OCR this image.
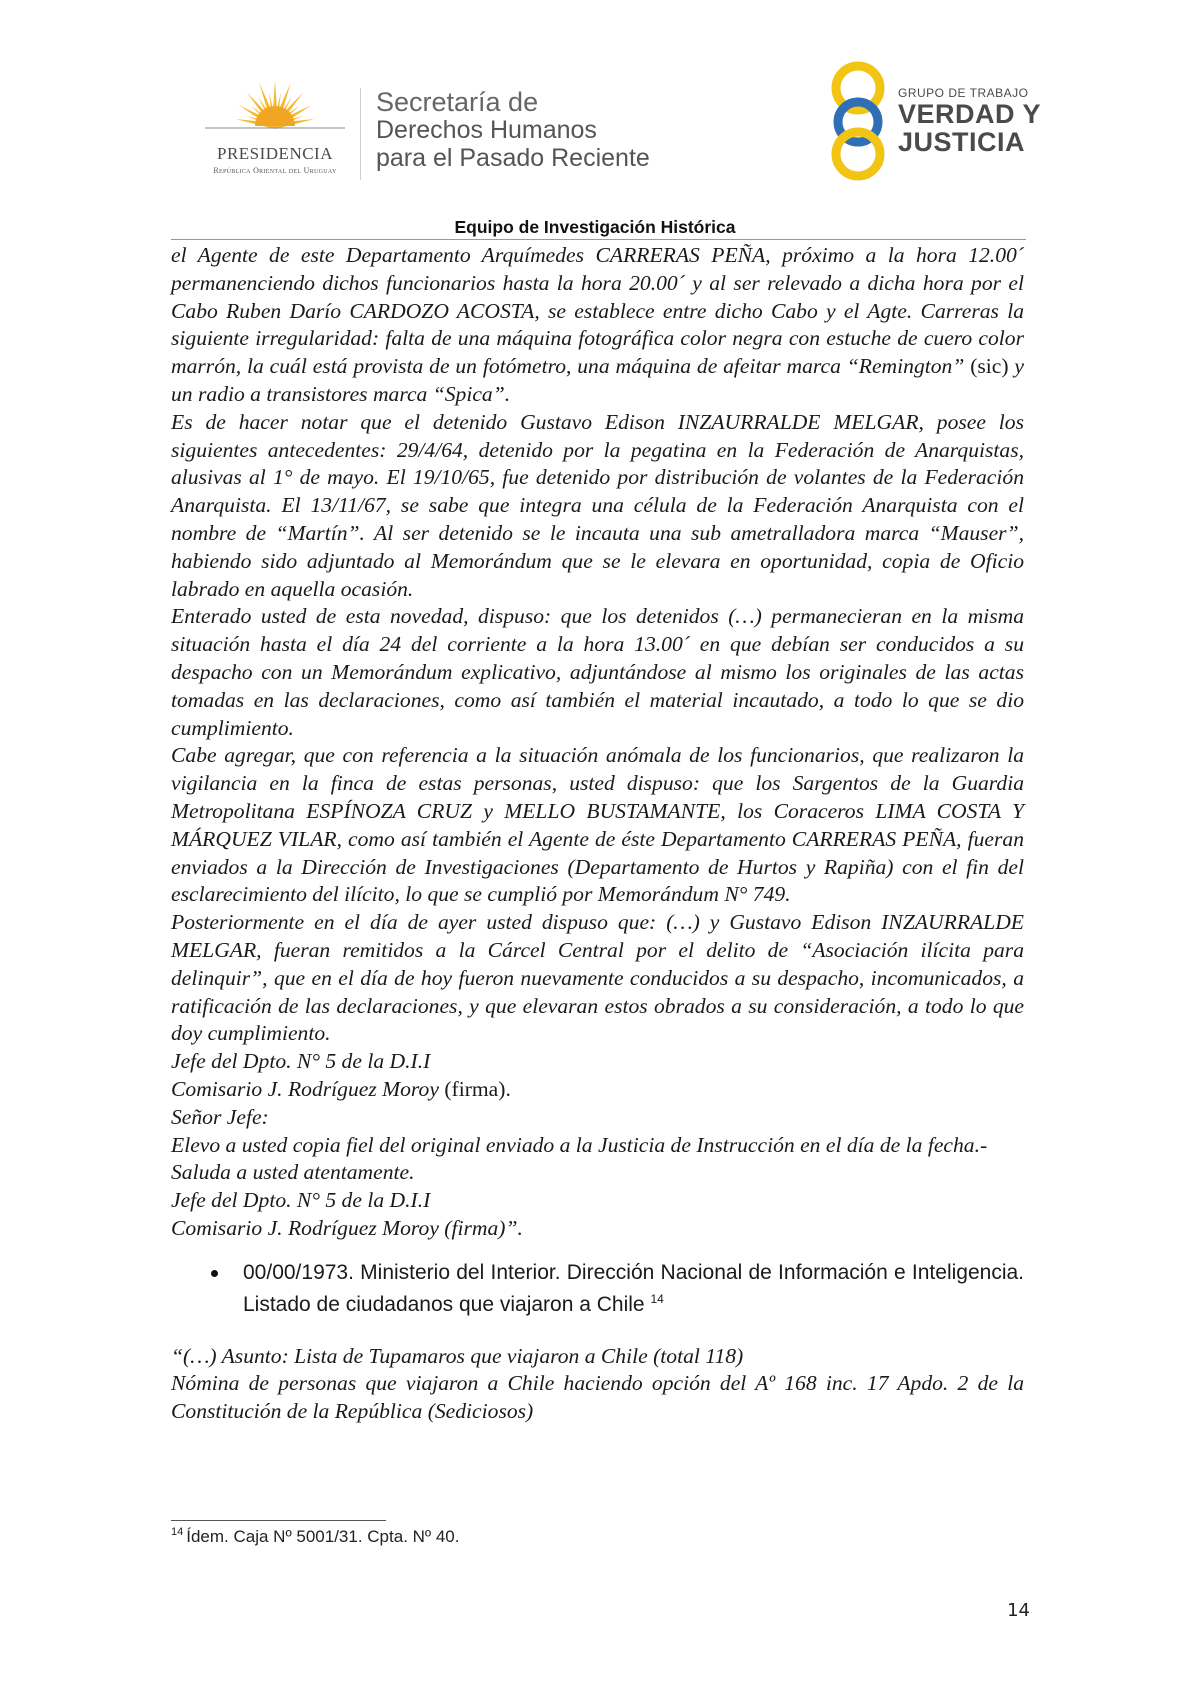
PRESIDENCIA
República Oriental del Uruguay
Secretaría de
Derechos Humanos
para el Pasado Reciente
GRUPO DE TRABAJO
VERDAD Y
JUSTICIA
Equipo de Investigación Histórica

el Agente de este Departamento Arquímedes CARRERAS PEÑA, próximo a la hora 12.00´ permanenciendo dichos funcionarios hasta la hora 20.00´ y al ser relevado a dicha hora por el Cabo Ruben Darío CARDOZO ACOSTA, se establece entre dicho Cabo y el Agte. Carreras la siguiente irregularidad: falta de una máquina fotográfica color negra con estuche de cuero color marrón, la cuál está provista de un fotómetro, una máquina de afeitar marca “Remington” (sic) y un radio a transistores marca “Spica”.

Es de hacer notar que el detenido Gustavo Edison INZAURRALDE MELGAR, posee los siguientes antecedentes: 29/4/64, detenido por la pegatina en la Federación de Anarquistas, alusivas al 1° de mayo. El 19/10/65, fue detenido por distribución de volantes de la Federación Anarquista. El 13/11/67, se sabe que integra una célula de la Federación Anarquista con el nombre de “Martín”. Al ser detenido se le incauta una sub ametralladora marca “Mauser”, habiendo sido adjuntado al Memorándum que se le elevara en oportunidad, copia de Oficio labrado en aquella ocasión.

Enterado usted de esta novedad, dispuso: que los detenidos (…) permanecieran en la misma situación hasta el día 24 del corriente a la hora 13.00´ en que debían ser conducidos a su despacho con un Memorándum explicativo, adjuntándose al mismo los originales de las actas tomadas en las declaraciones, como así también el material incautado, a todo lo que se dio cumplimiento.

Cabe agregar, que con referencia a la situación anómala de los funcionarios, que realizaron la vigilancia en la finca de estas personas, usted dispuso: que los Sargentos de la Guardia Metropolitana ESPÍNOZA CRUZ y MELLO BUSTAMANTE, los Coraceros LIMA COSTA Y MÁRQUEZ VILAR, como así también el Agente de éste Departamento CARRERAS PEÑA, fueran enviados a la Dirección de Investigaciones (Departamento de Hurtos y Rapiña) con el fin del esclarecimiento del ilícito, lo que se cumplió por Memorándum N° 749.

Posteriormente en el día de ayer usted dispuso que: (…) y Gustavo Edison INZAURRALDE MELGAR, fueran remitidos a la Cárcel Central por el delito de “Asociación ilícita para delinquir”, que en el día de hoy fueron nuevamente conducidos a su despacho, incomunicados, a ratificación de las declaraciones, y que elevaran estos obrados a su consideración, a todo lo que doy cumplimiento.

Jefe del Dpto. N° 5 de la D.I.I

Comisario J. Rodríguez Moroy (firma).

Señor Jefe:

Elevo a usted copia fiel del original enviado a la Justicia de Instrucción en el día de la fecha.-

Saluda a usted atentamente.

Jefe del Dpto. N° 5 de la D.I.I

Comisario J. Rodríguez Moroy (firma)”.

00/00/1973. Ministerio del Interior. Dirección Nacional de Información e Inteligencia. Listado de ciudadanos que viajaron a Chile $^{14}$

“(…) Asunto: Lista de Tupamaros que viajaron a Chile (total 118)

Nómina de personas que viajaron a Chile haciendo opción del Aº 168 inc. 17 Apdo. 2 de la Constitución de la República (Sediciosos)

$^{14}$ Ídem. Caja Nº 5001/31. Cpta. Nº 40.
14
